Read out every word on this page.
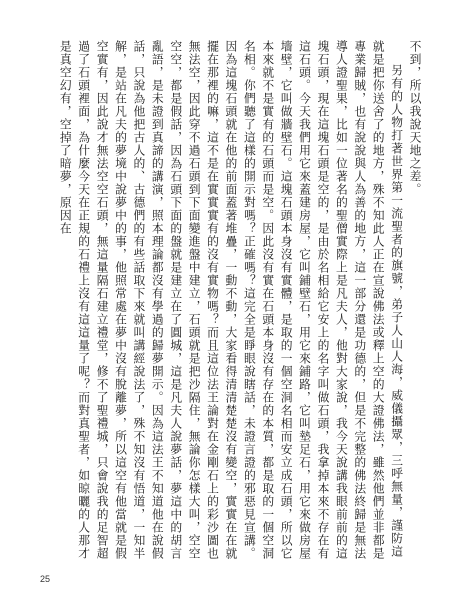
不到，所以我說天地之差。

另有的人物打著世界第一流聖者的旗號，弟子人山人海，威儀攝眾，三呼無量，謹防這就是把你送舍了的地方，殊不知此人正在宣說佛法或釋上空的大證佛法，雖然他們並非都是專業歸賊，也有說說與人為善的地方，這一部分還是功德的，但是不完整的佛法終歸是無法導人證聖果，比如一位著名的聖僧實際上是凡夫人，他對大家說，我今天說講我眼前前的這塊石頭，現在這塊石頭是空的，是由於名相給它安上的名字叫做石頭，我拿掉本來不存在有這石頭。今天我們用它來蓋建房屋，它叫鋪壁石，用它來鋪路，它叫墊足石，用它來做房屋墻壁，它叫做牆壁石。這塊石頭本身沒有實體，是取的一個空洞名相而安立成石頭，所以它本來就不是實有的石頭而是空。因此沒有實在石頭本身沒有存在的本質，都是取的一個空洞名相。你們聽了這樣的開示對嗎？正確嗎？這完全是睜眼說瞎話，未證言證的邪惡見宣講。因為這塊石頭就在他的前面蓋著堆疊，一動不動，大家看得清清楚楚沒有變空，實實在在就擺在那裡的嘛，這不是在實實實有的沒有實物嗎？而且這位法王論對在金剛石上的彩沙圖也無法空，因此穿不過石頭到下面變進盤中建立，石頭就是把沙隔住，無論你怎樣大叫，空空空空，都是假話，因為石頭下面的盤就是建立在了圓城，這是凡夫人說夢話，夢這中的胡言亂語，是未證到真諦的講演，照本理論都沒有學過的歸夢開示。因為這法王不知道他在說假話，只說為他把古人的、古德們的有些話取下來就叫講經說法了，殊不知沒有悟道，一知半解，是站在凡夫的夢境中說夢中的事，他照常處在夢中沒有脫離夢，所以這空有他當就是假空實有，因此說才無法空空石頭，無這量隔石建立禮堂，修不了聖禮城，只會說我的足智超過了石頭裡面，為什麼今天在正規的石禮上沒有這這量了呢？而對真聖者，如晾曬的人那才是真空幻有，空掉了暗夢，原因在

25
